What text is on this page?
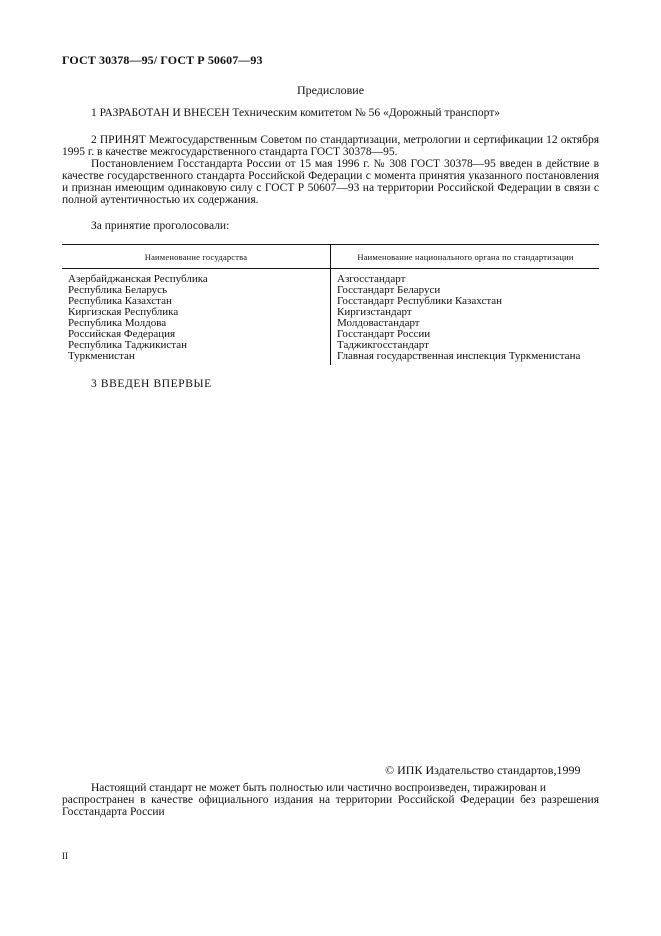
ГОСТ 30378—95/ ГОСТ Р 50607—93
Предисловие

1 РАЗРАБОТАН И ВНЕСЕН Техническим комитетом № 56 «Дорожный транспорт»

2 ПРИНЯТ Межгосударственным Советом по стандартизации, метрологии и сертификации 12 октября 1995 г. в качестве межгосударственного стандарта ГОСТ 30378—95.

Постановлением Госстандарта России от 15 мая 1996 г. № 308 ГОСТ 30378—95 введен в действие в качестве государственного стандарта Российской Федерации с момента принятия указанного постановления и признан имеющим одинаковую силу с ГОСТ Р 50607—93 на территории Российской Федерации в связи с полной аутентичностью их содержания.

За принятие проголосовали:

Наименование государства	Наименование национального органа по стандартизации
Азербайджанская Республика
Республика Беларусь
Республика Казахстан
Киргизская Республика
Республика Молдова
Российская Федерация
Республика Таджикистан
Туркменистан
Азгосстандарт
Госстандарт Беларуси
Госстандарт Республики Казахстан
Киргизстандарт
Молдовастандарт
Госстандарт России
Таджикгосстандарт
Главная государственная инспекция Туркменистана

3 ВВЕДЕН ВПЕРВЫЕ

© ИПК Издательство стандартов,1999

Настоящий стандарт не может быть полностью или частично воспроизведен, тиражирован и

распространен в качестве официального издания на территории Российской Федерации без разрешения Госстандарта России

II
